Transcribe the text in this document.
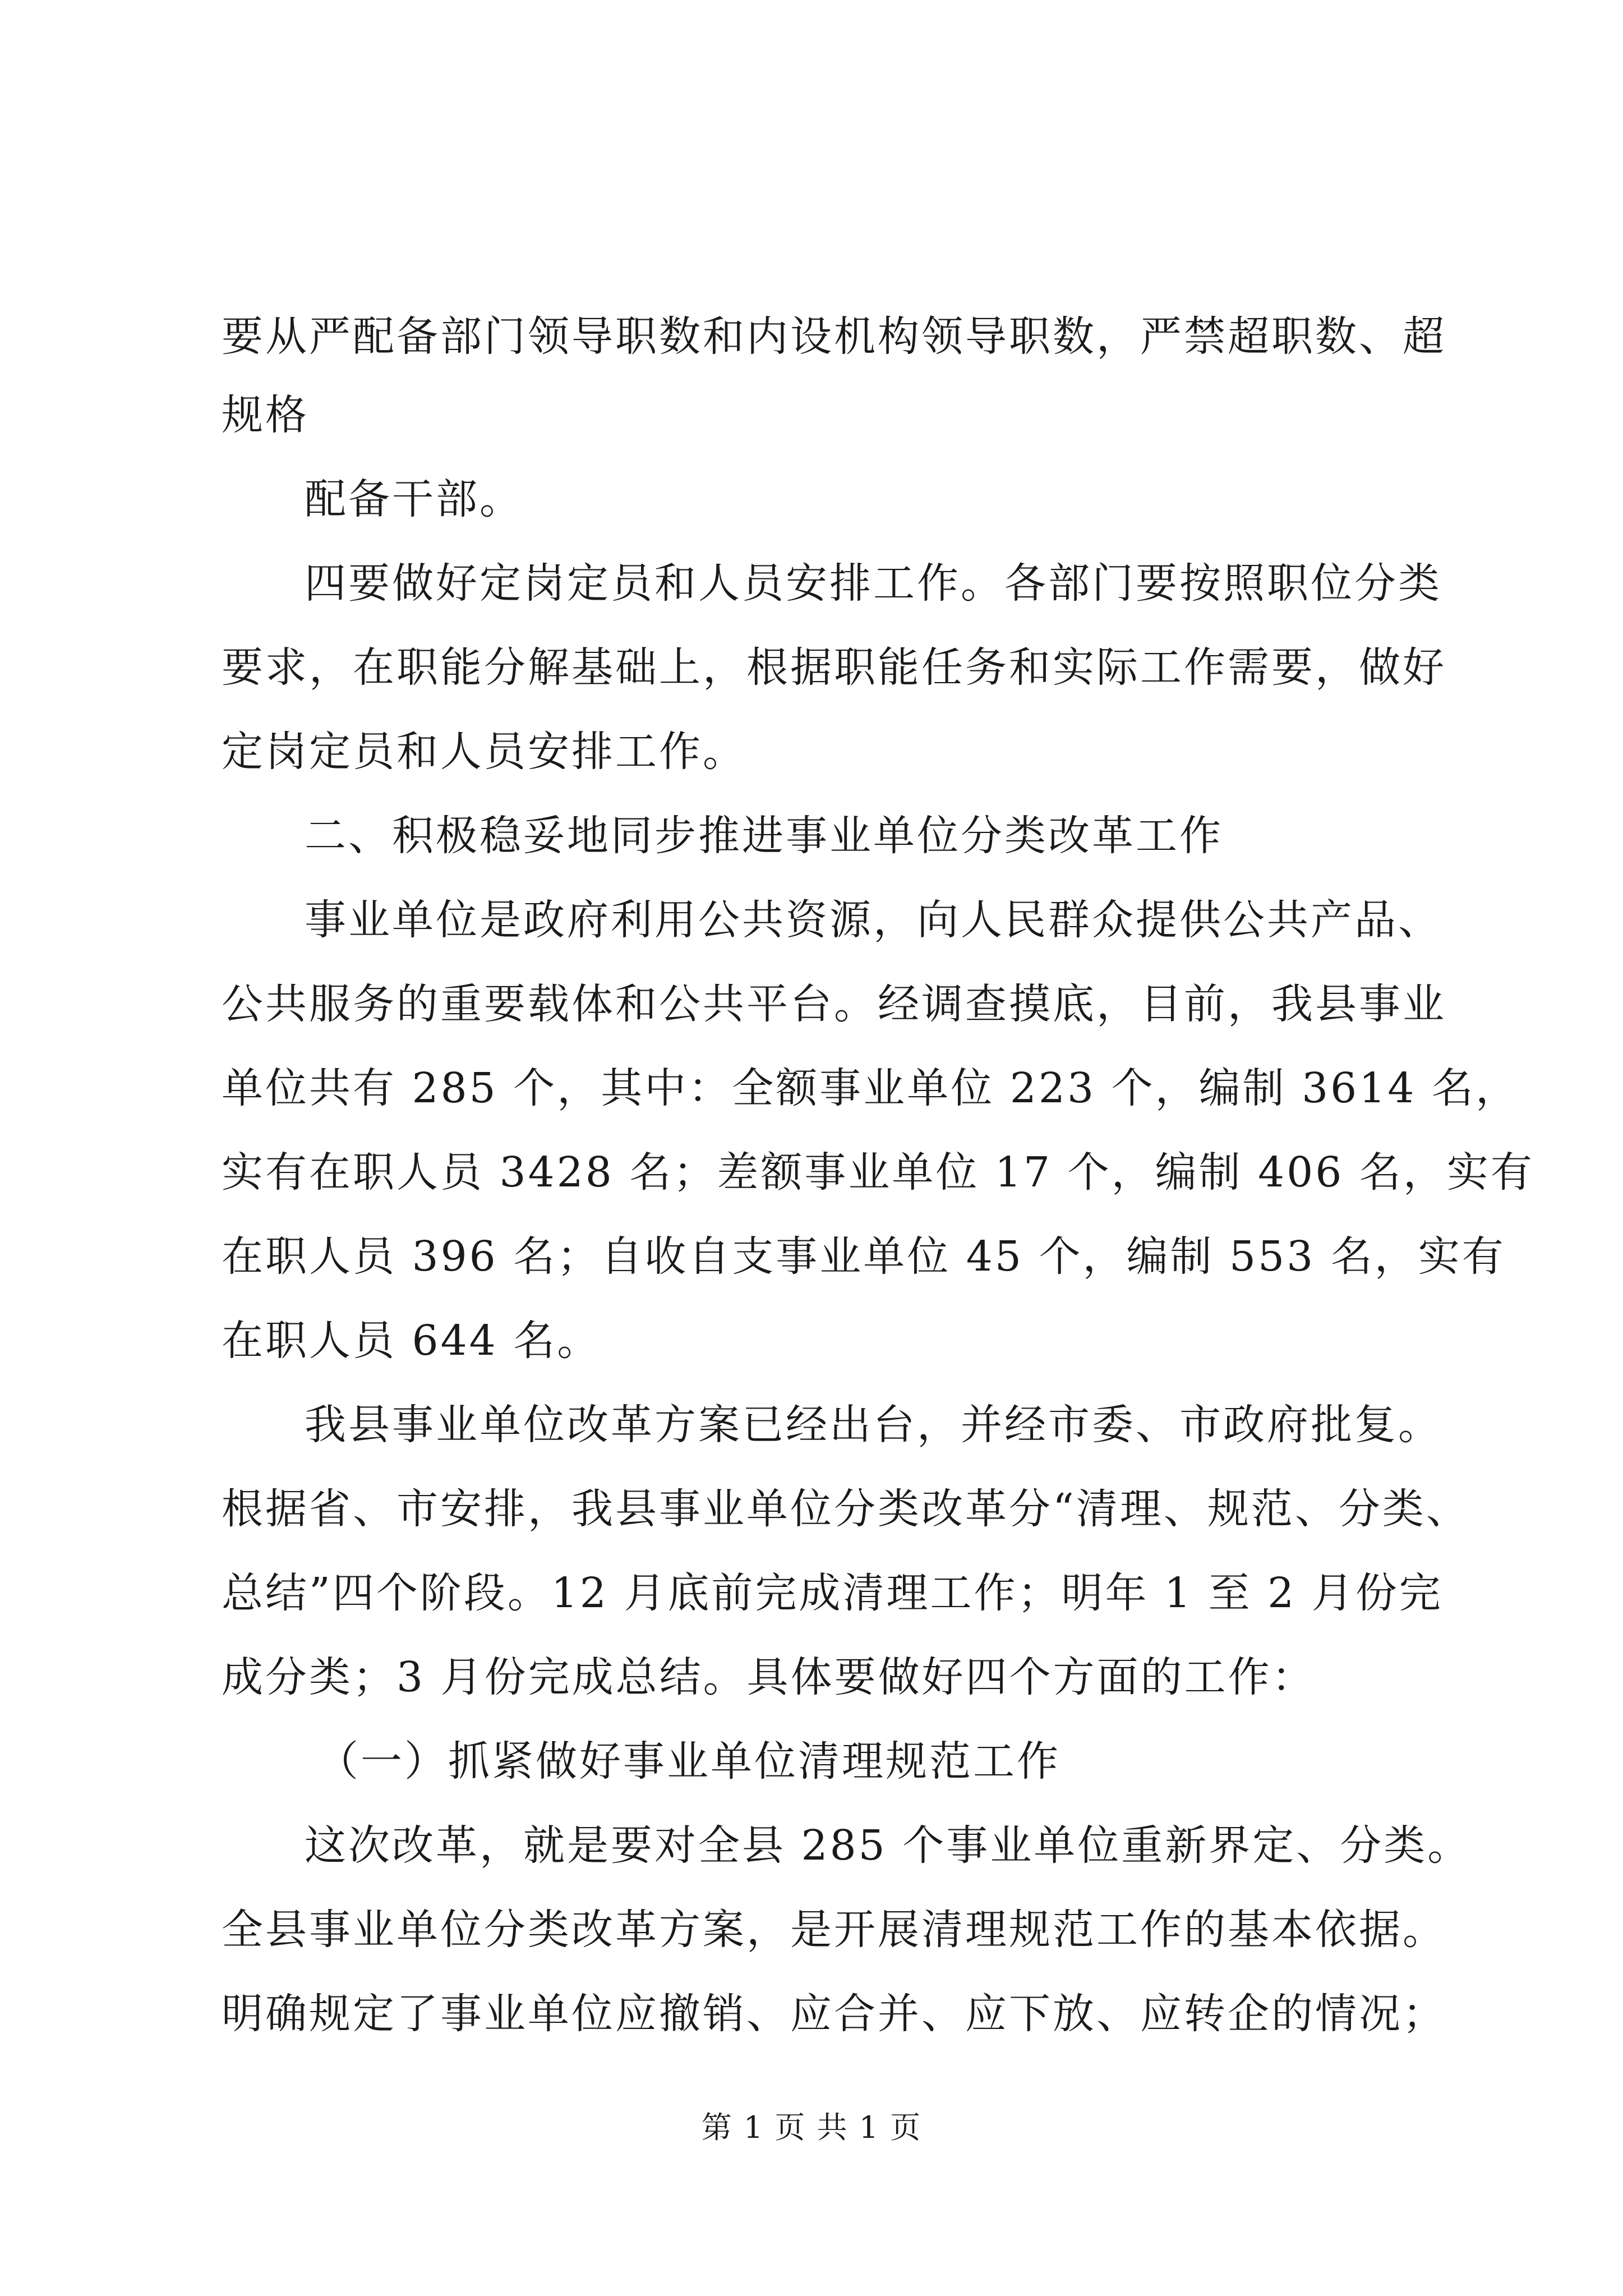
要从严配备部门领导职数和内设机构领导职数，严禁超职数、超
规格
配备干部。
四要做好定岗定员和人员安排工作。各部门要按照职位分类
要求，在职能分解基础上，根据职能任务和实际工作需要，做好
定岗定员和人员安排工作。
二、积极稳妥地同步推进事业单位分类改革工作
事业单位是政府利用公共资源，向人民群众提供公共产品、
公共服务的重要载体和公共平台。经调查摸底，目前，我县事业
单位共有 285 个，其中：全额事业单位 223 个，编制 3614 名，
实有在职人员 3428 名；差额事业单位 17 个，编制 406 名，实有
在职人员 396 名；自收自支事业单位 45 个，编制 553 名，实有
在职人员 644 名。
我县事业单位改革方案已经出台，并经市委、市政府批复。
根据省、市安排，我县事业单位分类改革分“清理、规范、分类、
总结”四个阶段。12 月底前完成清理工作；明年 1 至 2 月份完
成分类；3 月份完成总结。具体要做好四个方面的工作：
（一）抓紧做好事业单位清理规范工作
这次改革，就是要对全县 285 个事业单位重新界定、分类。
全县事业单位分类改革方案，是开展清理规范工作的基本依据。
明确规定了事业单位应撤销、应合并、应下放、应转企的情况；
第 1 页 共 1 页
